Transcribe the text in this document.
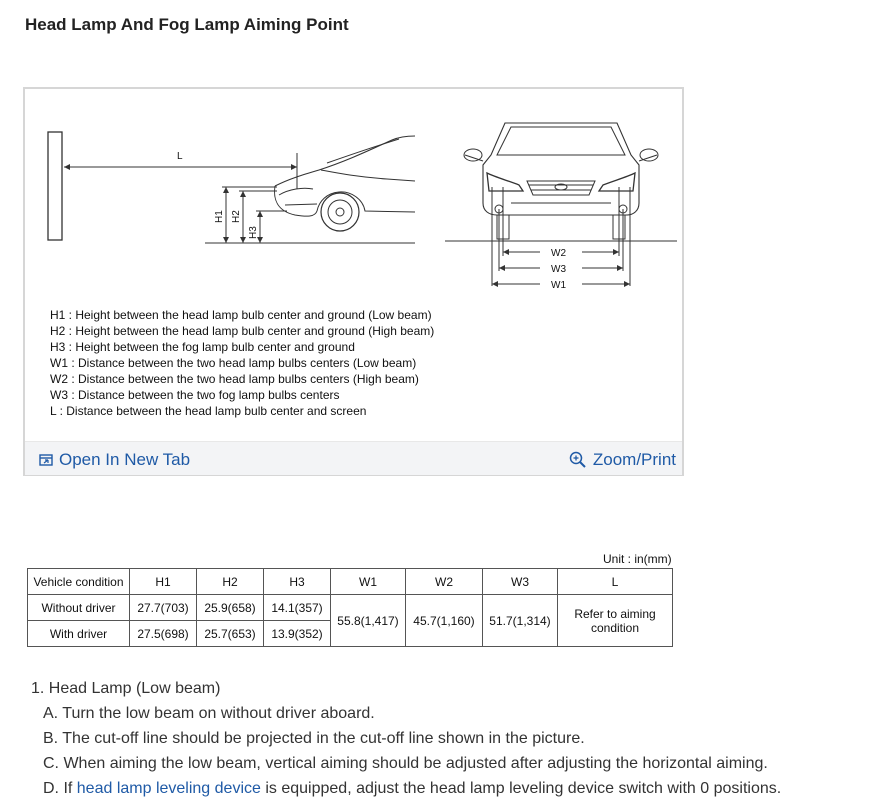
Head Lamp And Fog Lamp Aiming Point
L
H1 H2
H3
W2
W3
W1
H1 : Height between the head lamp bulb center and ground (Low beam)
H2 : Height between the head lamp bulb center and ground (High beam)
H3 : Height between the fog lamp bulb center and ground
W1 : Distance between the two head lamp bulbs centers (Low beam)
W2 : Distance between the two head lamp bulbs centers (High beam)
W3 : Distance between the two fog lamp bulbs centers
L : Distance between the head lamp bulb center and screen
Open In New Tab	Zoom/Print
Unit : in(mm)
Vehicle condition	H1	H2	H3	W1	W2	W3	L
Without driver	27.7(703)	25.9(658)	14.1(357)	55.8(1,417)	45.7(1,160)	51.7(1,314)	Refer to aiming
condition

With driver	27.5(698)	25.7(653)	13.9(352)				
1. Head Lamp (Low beam)
A. Turn the low beam on without driver aboard.
B. The cut-off line should be projected in the cut-off line shown in the picture.
C. When aiming the low beam, vertical aiming should be adjusted after adjusting the horizontal aiming.
D. If head lamp leveling device is equipped, adjust the head lamp leveling device switch with 0 positions.
